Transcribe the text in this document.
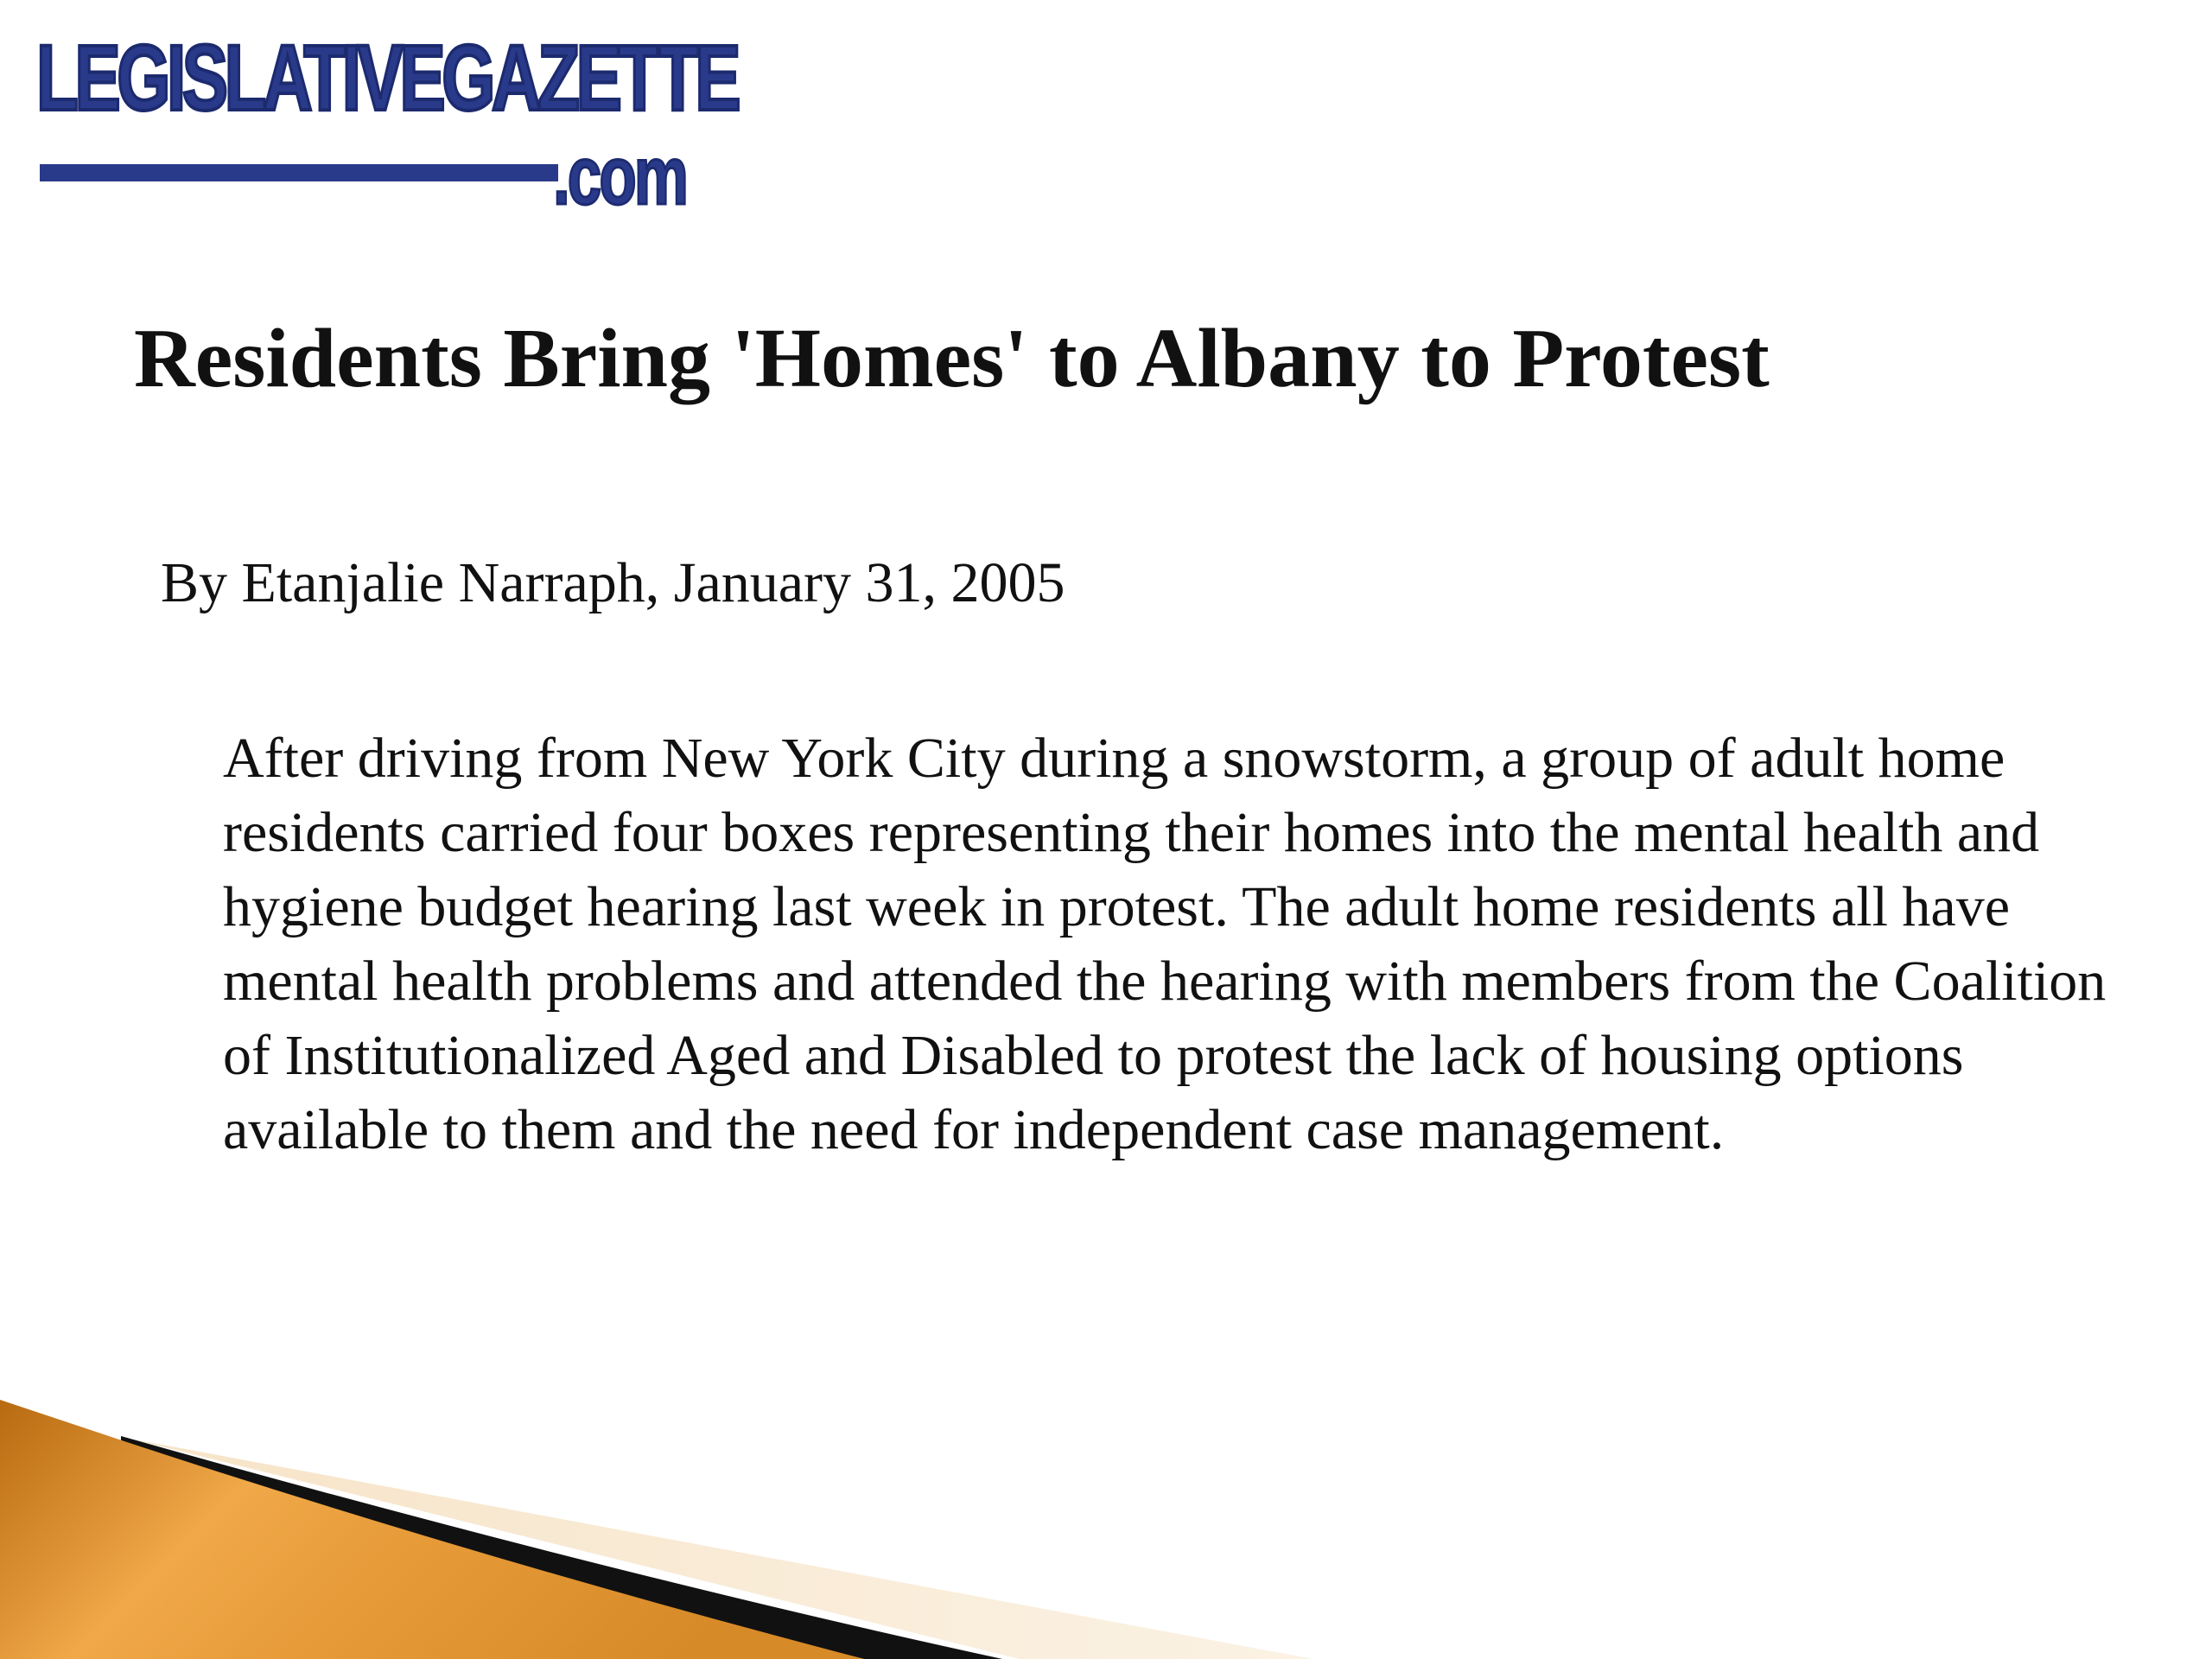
LEGISLATIVEGAZETTE
.com
Residents Bring 'Homes' to Albany to Protest
By Etanjalie Narraph, January 31, 2005

After driving from New York City during a snowstorm, a group of adult home residents carried four boxes representing their homes into the mental health and hygiene budget hearing last week in protest. The adult home residents all have mental health problems and attended the hearing with members from the Coalition of Institutionalized Aged and Disabled to protest the lack of housing options available to them and the need for independent case management.
